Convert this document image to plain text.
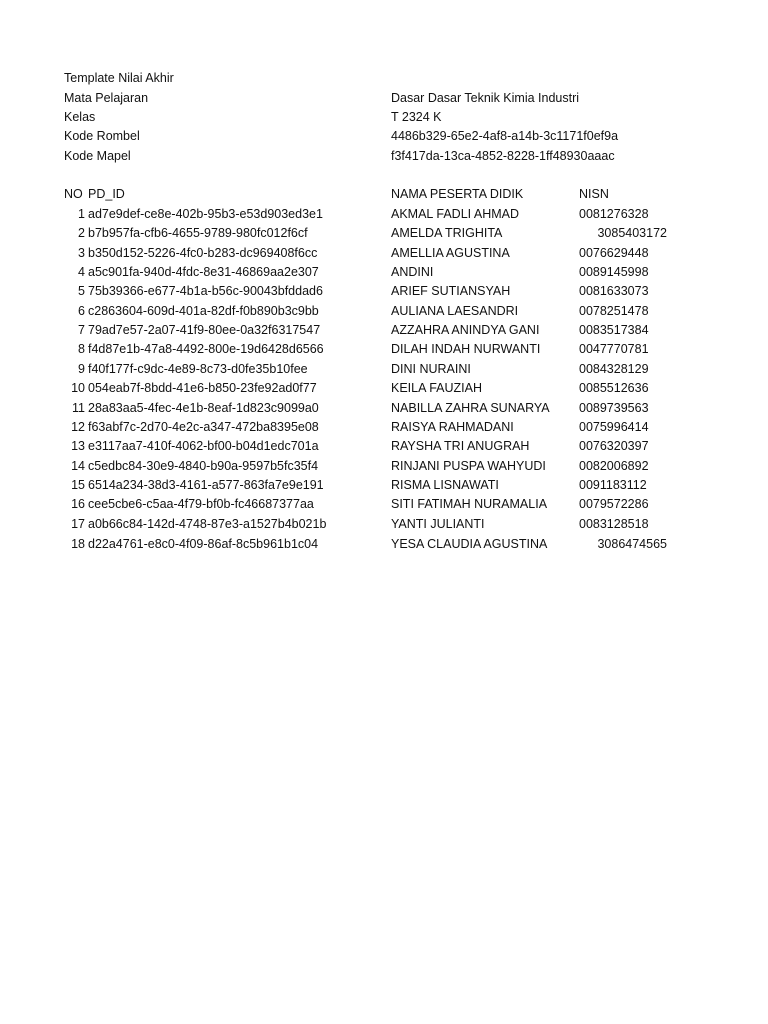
Template Nilai Akhir
Mata Pelajaran	Dasar Dasar Teknik Kimia Industri
Kelas	T 2324 K
Kode Rombel	4486b329-65e2-4af8-a14b-3c1171f0ef9a
Kode Mapel	f3f417da-13ca-4852-8228-1ff48930aaac
NO PD_ID	NAMA PESERTA DIDIK	NISN
1 ad7e9def-ce8e-402b-95b3-e53d903ed3e1	AKMAL FADLI AHMAD	0081276328
2 b7b957fa-cfb6-4655-9789-980fc012f6cf	AMELDA TRIGHITA	3085403172
3 b350d152-5226-4fc0-b283-dc969408f6cc	AMELLIA AGUSTINA	0076629448
4 a5c901fa-940d-4fdc-8e31-46869aa2e307	ANDINI	0089145998
5 75b39366-e677-4b1a-b56c-90043bfddad6	ARIEF SUTIANSYAH	0081633073
6 c2863604-609d-401a-82df-f0b890b3c9bb	AULIANA LAESANDRI	0078251478
7 79ad7e57-2a07-41f9-80ee-0a32f6317547	AZZAHRA ANINDYA GANI	0083517384
8 f4d87e1b-47a8-4492-800e-19d6428d6566	DILAH INDAH NURWANTI	0047770781
9 f40f177f-c9dc-4e89-8c73-d0fe35b10fee	DINI NURAINI	0084328129
10 054eab7f-8bdd-41e6-b850-23fe92ad0f77	KEILA FAUZIAH	0085512636
11 28a83aa5-4fec-4e1b-8eaf-1d823c9099a0	NABILLA ZAHRA SUNARYA 0089739563
12 f63abf7c-2d70-4e2c-a347-472ba8395e08	RAISYA RAHMADANI	0075996414
13 e3117aa7-410f-4062-bf00-b04d1edc701a	RAYSHA TRI ANUGRAH	0076320397
14 c5edbc84-30e9-4840-b90a-9597b5fc35f4	RINJANI PUSPA WAHYUDI	0082006892
15 6514a234-38d3-4161-a577-863fa7e9e191	RISMA LISNAWATI	0091183112
16 cee5cbe6-c5aa-4f79-bf0b-fc46687377aa	SITI FATIMAH NURAMALIA	0079572286
17 a0b66c84-142d-4748-87e3-a1527b4b021b	YANTI JULIANTI	0083128518
18 d22a4761-e8c0-4f09-86af-8c5b961b1c04	YESA CLAUDIA AGUSTINA	3086474565
